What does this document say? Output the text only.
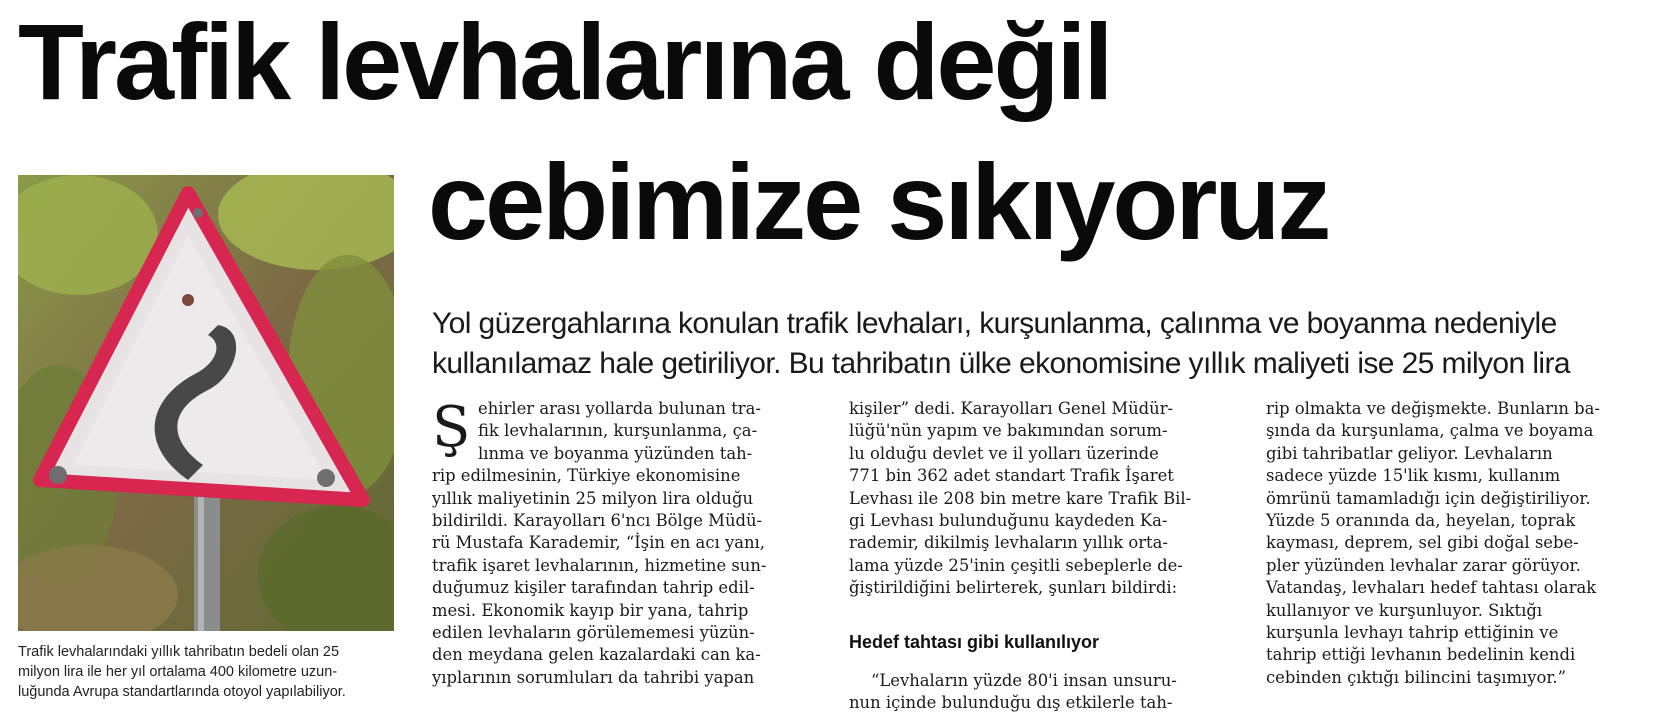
Trafik levhalarına değil
cebimize sıkıyoruz
Trafik levhalarındaki yıllık tahribatın bedeli olan 25
milyon lira ile her yıl ortalama 400 kilometre uzun-
luğunda Avrupa standartlarında otoyol yapılabiliyor.
Yol güzergahlarına konulan trafik levhaları, kurşunlanma, çalınma ve boyanma nedeniyle
kullanılamaz hale getiriliyor. Bu tahribatın ülke ekonomisine yıllık maliyeti ise 25 milyon lira
Ş ehirler arası yollarda bulunan tra-
fik levhalarının, kurşunlanma, ça-
lınma ve boyanma yüzünden tah-
rip edilmesinin, Türkiye ekonomisine
yıllık maliyetinin 25 milyon lira olduğu
bildirildi. Karayolları 6'ncı Bölge Müdü-
rü Mustafa Karademir, “İşin en acı yanı,
trafik işaret levhalarının, hizmetine sun-
duğumuz kişiler tarafından tahrip edil-
mesi. Ekonomik kayıp bir yana, tahrip
edilen levhaların görülememesi yüzün-
den meydana gelen kazalardaki can ka-
yıplarının sorumluları da tahribi yapan
kişiler” dedi. Karayolları Genel Müdür-
lüğü'nün yapım ve bakımından sorum-
lu olduğu devlet ve il yolları üzerinde
771 bin 362 adet standart Trafik İşaret
Levhası ile 208 bin metre kare Trafik Bil-
gi Levhası bulunduğunu kaydeden Ka-
rademir, dikilmiş levhaların yıllık orta-
lama yüzde 25'inin çeşitli sebeplerle de-
ğiştirildiğini belirterek, şunları bildirdi:
Hedef tahtası gibi kullanılıyor
“Levhaların yüzde 80'i insan unsuru-
nun içinde bulunduğu dış etkilerle tah-
rip olmakta ve değişmekte. Bunların ba-
şında da kurşunlama, çalma ve boyama
gibi tahribatlar geliyor. Levhaların
sadece yüzde 15'lik kısmı, kullanım
ömrünü tamamladığı için değiştiriliyor.
Yüzde 5 oranında da, heyelan, toprak
kayması, deprem, sel gibi doğal sebe-
pler yüzünden levhalar zarar görüyor.
Vatandaş, levhaları hedef tahtası olarak
kullanıyor ve kurşunluyor. Sıktığı
kurşunla levhayı tahrip ettiğinin ve
tahrip ettiği levhanın bedelinin kendi
cebinden çıktığı bilincini taşımıyor.”
